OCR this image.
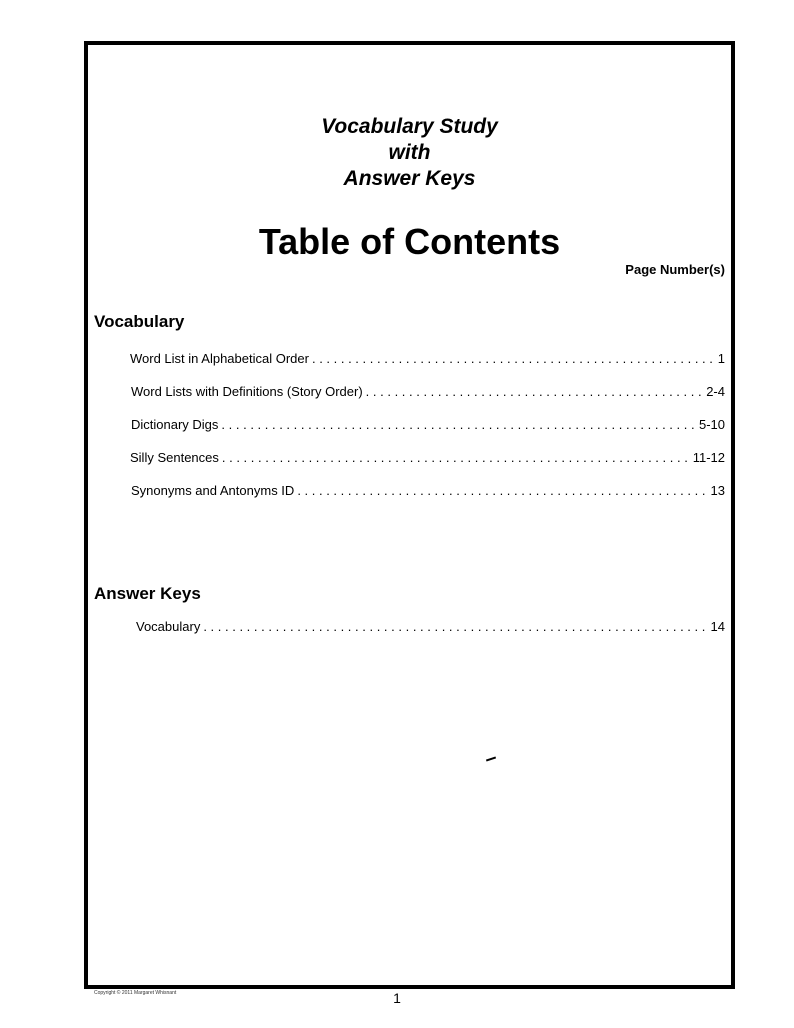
Vocabulary Study
with
Answer Keys
Table of Contents
Page Number(s)
Vocabulary
Word List in Alphabetical Order . . .	1
Word Lists with Definitions (Story Order) . . .	2-4
Dictionary Digs . . .	5-10
Silly Sentences . . .	11-12
Synonyms and Antonyms ID . . .	13
Answer Keys
Vocabulary . . .	14
Copyright © 2011 Margaret Whisnant	1
